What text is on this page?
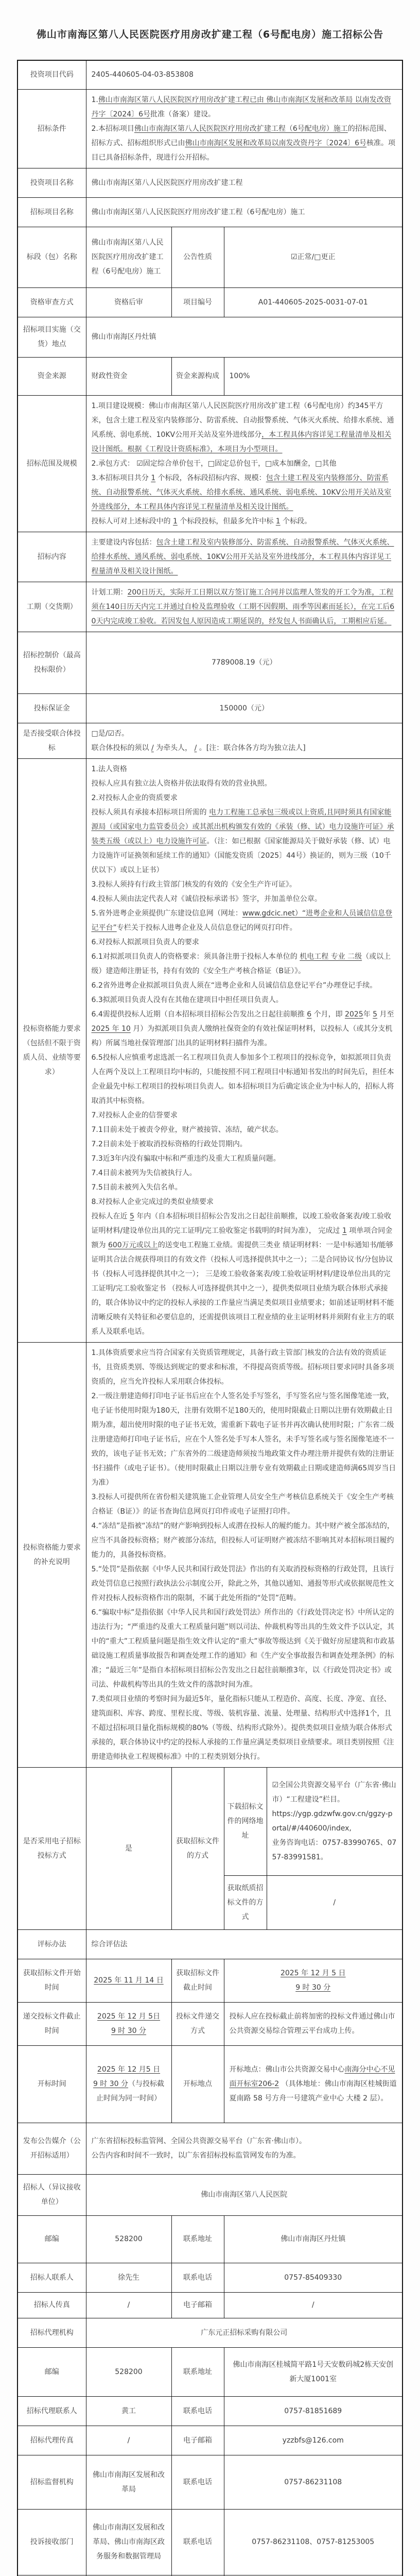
佛山市南海区第八人民医院医疗用房改扩建工程（6号配电房）施工招标公告
投资项目代码	2405-440605-04-03-853808			
招标条件	1.佛山市南海区第八人民医院医疗用房改扩建工程已由 佛山市南海区发展和改革局 以南发改资丹字〔2024〕6号批准（备案）建设。
2.本招标项目佛山市南海区第八人民医院医疗用房改扩建工程（6号配电房）施工的招标范围、招标方式、招标组织形式已由佛山市南海区发展和改革局以南发改资丹字〔2024〕6号核准。项目已具备招标条件，现进行公开招标。			

投资项目名称	佛山市南海区第八人民医院医疗用房改扩建工程			
招标项目名称	佛山市南海区第八人民医院医疗用房改扩建工程（6号配电房）施工			
标段（包）名称	佛山市南海区第八人民医院医疗用房改扩建工程（6号配电房）施工	公告性质	☑正常/□更正	
资格审查方式	资格后审	项目编号	A01-440605-2025-0031-07-01	
招标项目实施（交货）地点	佛山市南海区丹灶镇			
资金来源	财政性资金	资金来源构成	100%	
招标范围及规模	1.项目建设规模：佛山市南海区第八人民医院医疗用房改扩建工程（6号配电房）约345平方米，包含土建工程及室内装修部分、防雷系统、自动报警系统、气体灭火系统、给排水系统、通风系统、弱电系统、10KV公用开关站及室外进线部分，本工程具体内容详见工程量清单及相关设计图纸。根据《工程设计资质标准》，本项目为小型项目。
2.承包方式： ☑固定综合单价包干，□固定总价包干，□成本加酬金，□其他
3.本招标项目共分 1 个标段，各标段招标内容、规模：包含土建工程及室内装修部分、防雷系统、自动报警系统、气体灭火系统、给排水系统、通风系统、弱电系统、10KV公用开关站及室外进线部分，本工程具体内容详见工程量清单及相关设计图纸。
投标人可对上述标段中的 1 个标段投标，但最多允许中标 1 个标段。			

招标内容	主要建设内容包括：包含土建工程及室内装修部分、防雷系统、自动报警系统、气体灭火系统、给排水系统、通风系统、弱电系统、10KV公用开关站及室外进线部分，本工程具体内容详见工程量清单及相关设计图纸。			

工期（交货期）	计划工期：200日历天，实际开工日期以双方签订施工合同并以监理人签发的开工令为准，工程须在140日历天内完工并通过自检及监理验收（工期不因假期、雨季等因素而延长），在完工后60天内完成竣工验收。若因发包人原因造成工期延误的，经发包人书面确认后，工期相应后延。			

招标控制价（最高投标限价）	7789008.19（元）			
投标保证金	150000（元）			
是否接受联合体投标	□是/☑否。
联合体投标的须以 / 为牵头人， / 。[注：联合体各方均为独立法人]			

投标资格能力要求（包括但不限于资质人员、业绩等要求）	
1.法人资格
投标人应具有独立法人资格并依法取得有效的营业执照。
2.对投标人企业的资质要求
投标人须具有承接本招标项目所需的 电力工程施工总承包三级或以上资质,且同时须具有国家能源局（或国家电力监管委员会）或其派出机构颁发有效的《承装（修、试）电力设施许可证》承装类五级（或以上）电力设施许可证。（注：如已根据《国家能源局关于做好承装（修、试）电力设施许可证换领和延续工作的通知》（国能发资质〔2025〕44号）换证的，则为三级（10千伏以下）或以上证书）
3.投标人须持有行政主管部门核发的有效的《安全生产许可证》。
4.投标人须由法定代表人对《诚信投标承诺书》签字，并加盖单位公章。
5.省外进粤企业须提供广东建设信息网（网址：www.gdcic.net）“进粤企业和人员诚信信息登记平台”专栏关于投标人进粤企业及人员信息登记的网页打印件。
6.对投标人拟派项目负责人的要求
6.1对拟派项目负责人的资格要求：须具备注册于投标人本单位的 机电工程 专业 二级（或以上级）建造师注册证书，持有有效的《安全生产考核合格证（B证）》。
6.2省外进粤企业拟派项目负责人须在“进粤企业和人员诚信信息登记平台”办理登记手续。
6.3拟派项目负责人没有在其他在建项目中担任项目负责人。
6.4需提供投标人近期（自本招标项目招标公告发出之日起往前顺推 6 个月，即 2025年 5 月至 2025 年 10 月）为拟派项目负责人缴纳社保资金的有效社保证明材料，以投标人（或其分支机构）所属当地社保管理部门出具的证明材料扫描件为准。
6.5投标人应慎重考虑选派一名工程项目负责人参加多个工程项目的投标竞争，如拟派项目负责人在两个及以上工程项目均中标的，只能按照不同工程项目中标通知书发出的时间先后，担任本企业最先中标工程项目的投标项目负责人。如本招标项目为后确定该企业为中标人的，招标人将取消其中标资格。
7.对投标人企业的信誉要求
7.1目前未处于被责令停业，财产被接管、冻结，破产状态。
7.2目前未处于被取消投标资格的行政处罚期内。
7.3近3年内没有骗取中标和严重违约及重大工程质量问题。
7.4目前未被列为失信被执行人。
7.5目前未被列入失信名单。
8.对投标人企业完成过的类似业绩要求
投标人在近 5 年内（自本招标项目招标公告发出之日起往前顺推，以竣工验收备案表/竣工验收证明材料/建设单位出具的完工证明/完工验收鉴定书载明的时间为准）， 完成过 1 项单项合同金额为 600万元或以上的送变电工程施工业绩。需提供三类业 绩证明材料：一是中标通知书/能够证明其合法合规获得项目的有效文件（投标人可选择提供其中之一）；二是合同协议书/分包协议书（投标人可选择提供其中之一）； 三是竣工验收备案表/竣工验收证明材料/建设单位出具的完工证明/完工验收鉴定书 （投标人可选择提供其中之一），提供类似项目业绩为联合体形式承接的，联合体协议中约定的投标人承接的工作量应当满足类似项目业绩要求；如前述证明材料不能清晰反映有关特征和必要信息的，还需提供该项目工程业绩的业主证明材料并须附有业主方的联系人及联系电话。

投标资格能力要求的补充说明	
1.具体资质要求应当符合国家有关资质管理规定，具备行政主管部门核发的合法有效的资质证书，且资质类别、等级达到规定的要求和标准，不得提高资质等级。招标项目要求同时具备多项资质的，应当允许投标人采用联合体投标。
2.一级注册建造师打印电子证书后应在个人签名处手写签名，手写签名应与签名图像笔迹一致，电子证书使用时限为180天，注册有效期不足180天的，使用时限截止日期以注册有效期截止日期为准，超出使用时限的电子证书无效，需重新下载电子证书并再次确认使用时限；广东省二级注册建造师打印电子证书后，应在个人签名处手写本人签名，未手写签名或与签名图像笔迹不一致的，该电子证书无效；广东省外的二级建造师须按当地政策文件办理注册并提供有效的注册证书扫描件（或电子证书）。（使用时限截止日期以注册专业有效期截止日期或建造师满65周岁当日为准）
3.投标人可提供所在省份相关建筑施工企业管理人员安全生产考核信息系统关于《安全生产考核合格证（B证）》的证书查询信息网页打印件或电子证照打印件。
4.“冻结”是指被“冻结”的财产影响到投标人或潜在投标人的履约能力。其中财产被全部冻结的，应当不具备投标资格；财产被部分冻结，但投标人可证明财产被冻结不影响其对本招标项目履约能力的，具备投标资格。
5.“处罚”是指依据《中华人民共和国行政处罚法》作出的有关取消投标资格的行政处罚，且该行政处罚信息已按照行政执法公示制度公开，除此之外，其他以通知、通报等形式或依据规范性文件对投标人投标资格作出的限制，不属于此处所指的“处罚”范畴。
6.“骗取中标”是指依据《中华人民共和国行政处罚法》所作出的《行政处罚决定书》中所认定的违法行为；“严重违约及重大工程质量问题”则以司法、仲裁机构等出具的生效文件予以认定，其中的“重大”工程质量问题是指生效文件认定的“重大”事故等级达到《关于做好房屋建筑和市政基础设施工程质量事故报告和调查处理工作的通知》和《生产安全事故报告和调查处理条例》的标准；“最近三年”是指自本招标项目招标公告发出之日起往前顺推3年，以《行政处罚决定书》或司法、仲裁机构等出具的生效文件的落款时间为准。
7.类似项目业绩的考察时间为最近5年，量化指标只能从工程造价、高度、长度、净宽、直径、建筑面积、库容、跨度、里程长度、等级、装机容量、流量、处理量、结构形式中选择1个，且不超过招标项目量化指标规模的80%（等级、结构形式除外）。提供类似项目业绩为联合体形式承接的，联合体协议中约定的投标人承接的工作量应满足类似项目业绩要求。项目类别按照《注册建造师执业工程规模标准》中的工程类别划分执行。

是否采用电子招标投标方式	是	获取招标文件的方式	下载招标文件的网络地址	☑全国公共资源交易平台（广东省·佛山市）“工程建设”栏目。
https://ygp.gdzwfw.gov.cn/ggzy-portal/#/440600/index,
业务咨询电话：0757-83990765、0757-83991581。

			获取纸质招标文件的方式	/
评标办法	综合评估法			
获取招标文件开始时间	2025 年 11 月 14 日	获取招标文件截止时间	2025 年 12 月 5 日
9 时 30 分	

递交投标文件截止时间	2025 年 12 月 5日
9 时 30 分	投标文件递交方式	投标人应在投标截止前将加密的投标文件通过佛山市公共资源交易综合管理云平台成功上传。	
开标时间	2025 年 12 月5 日
9 时 30 分（与投标截止时间为同一时间）	开标地点	开标地点：佛山市公共资源交易中心南海分中心不见面开标室206-2 （具体地址：佛山市南海区桂城街道夏南路 58 号方舟一号建筑产业中心 大楼 2 层）。	

发布公告媒介（公开招标适用）	广东省招标投标监管网、全国公共资源交易平台（广东省·佛山市）。
公告内容和时间不一致时，以广东省招标投标监管网发布的为准。			

招标人（异议接收单位）	佛山市南海区第八人民医院			
邮编	528200	联系地址	佛山市南海区丹灶镇	
招标人联系人	徐先生	联系电话	0757-85409330	
招标人传真	/	电子邮箱	/	
招标代理机构	广东元正招标采购有限公司			
邮编	528200	联系地址	佛山市南海区桂城简平路1号天安数码城2栋天安创新大厦1001室	
招标代理联系人	黄工	联系电话	0757-81851689	
招标代理传真	/	电子邮箱	yzzbfs@126.com	
招标监督机构	佛山市南海区发展和改革局	联系电话	0757-86231108	
投诉接收部门	佛山市南海区发展和改革局、佛山市南海区政务服务和数据管理局	联系电话	0757-86231108、0757-81253005	
